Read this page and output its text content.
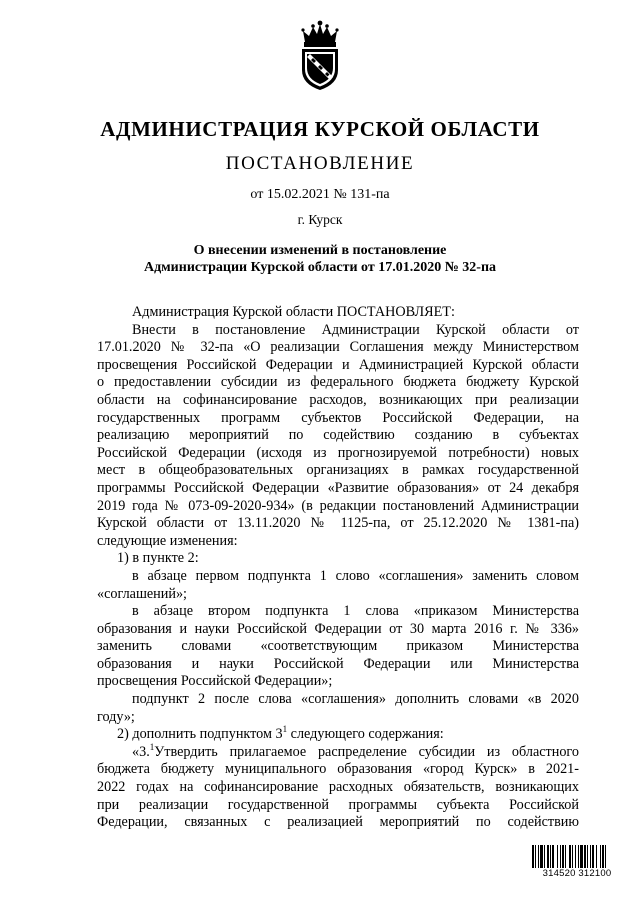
АДМИНИСТРАЦИЯ КУРСКОЙ ОБЛАСТИ
ПОСТАНОВЛЕНИЕ
от 15.02.2021 № 131-па
г. Курск
О внесении изменений в постановление
Администрации Курской области от 17.01.2020 № 32-па
Администрация Курской области ПОСТАНОВЛЯЕТ:
Внести в постановление Администрации Курской области от
17.01.2020 № 32-па «О реализации Соглашения между Министерством
просвещения Российской Федерации и Администрацией Курской области
о предоставлении субсидии из федерального бюджета бюджету Курской
области на софинансирование расходов, возникающих при реализации
государственных программ субъектов Российской Федерации, на
реализацию мероприятий по содействию созданию в субъектах
Российской Федерации (исходя из прогнозируемой потребности) новых
мест в общеобразовательных организациях в рамках государственной
программы Российской Федерации «Развитие образования» от 24 декабря
2019 года № 073-09-2020-934» (в редакции постановлений Администрации
Курской области от 13.11.2020 № 1125-па, от 25.12.2020 № 1381-па)
следующие изменения:
1) в пункте 2:
в абзаце первом подпункта 1 слово «соглашения» заменить словом
«соглашений»;
в абзаце втором подпункта 1 слова «приказом Министерства
образования и науки Российской Федерации от 30 марта 2016 г. № 336»
заменить словами «соответствующим приказом Министерства
образования и науки Российской Федерации или Министерства
просвещения Российской Федерации»;
подпункт 2 после слова «соглашения» дополнить словами «в 2020
году»;
2) дополнить подпунктом $3^1$ следующего содержания:
«3.$^1$ Утвердить прилагаемое распределение субсидии из областного
бюджета бюджету муниципального образования «город Курск» в 2021-
2022 годах на софинансирование расходных обязательств, возникающих
при реализации государственной программы субъекта Российской
Федерации, связанных с реализацией мероприятий по содействию
314520 312100
